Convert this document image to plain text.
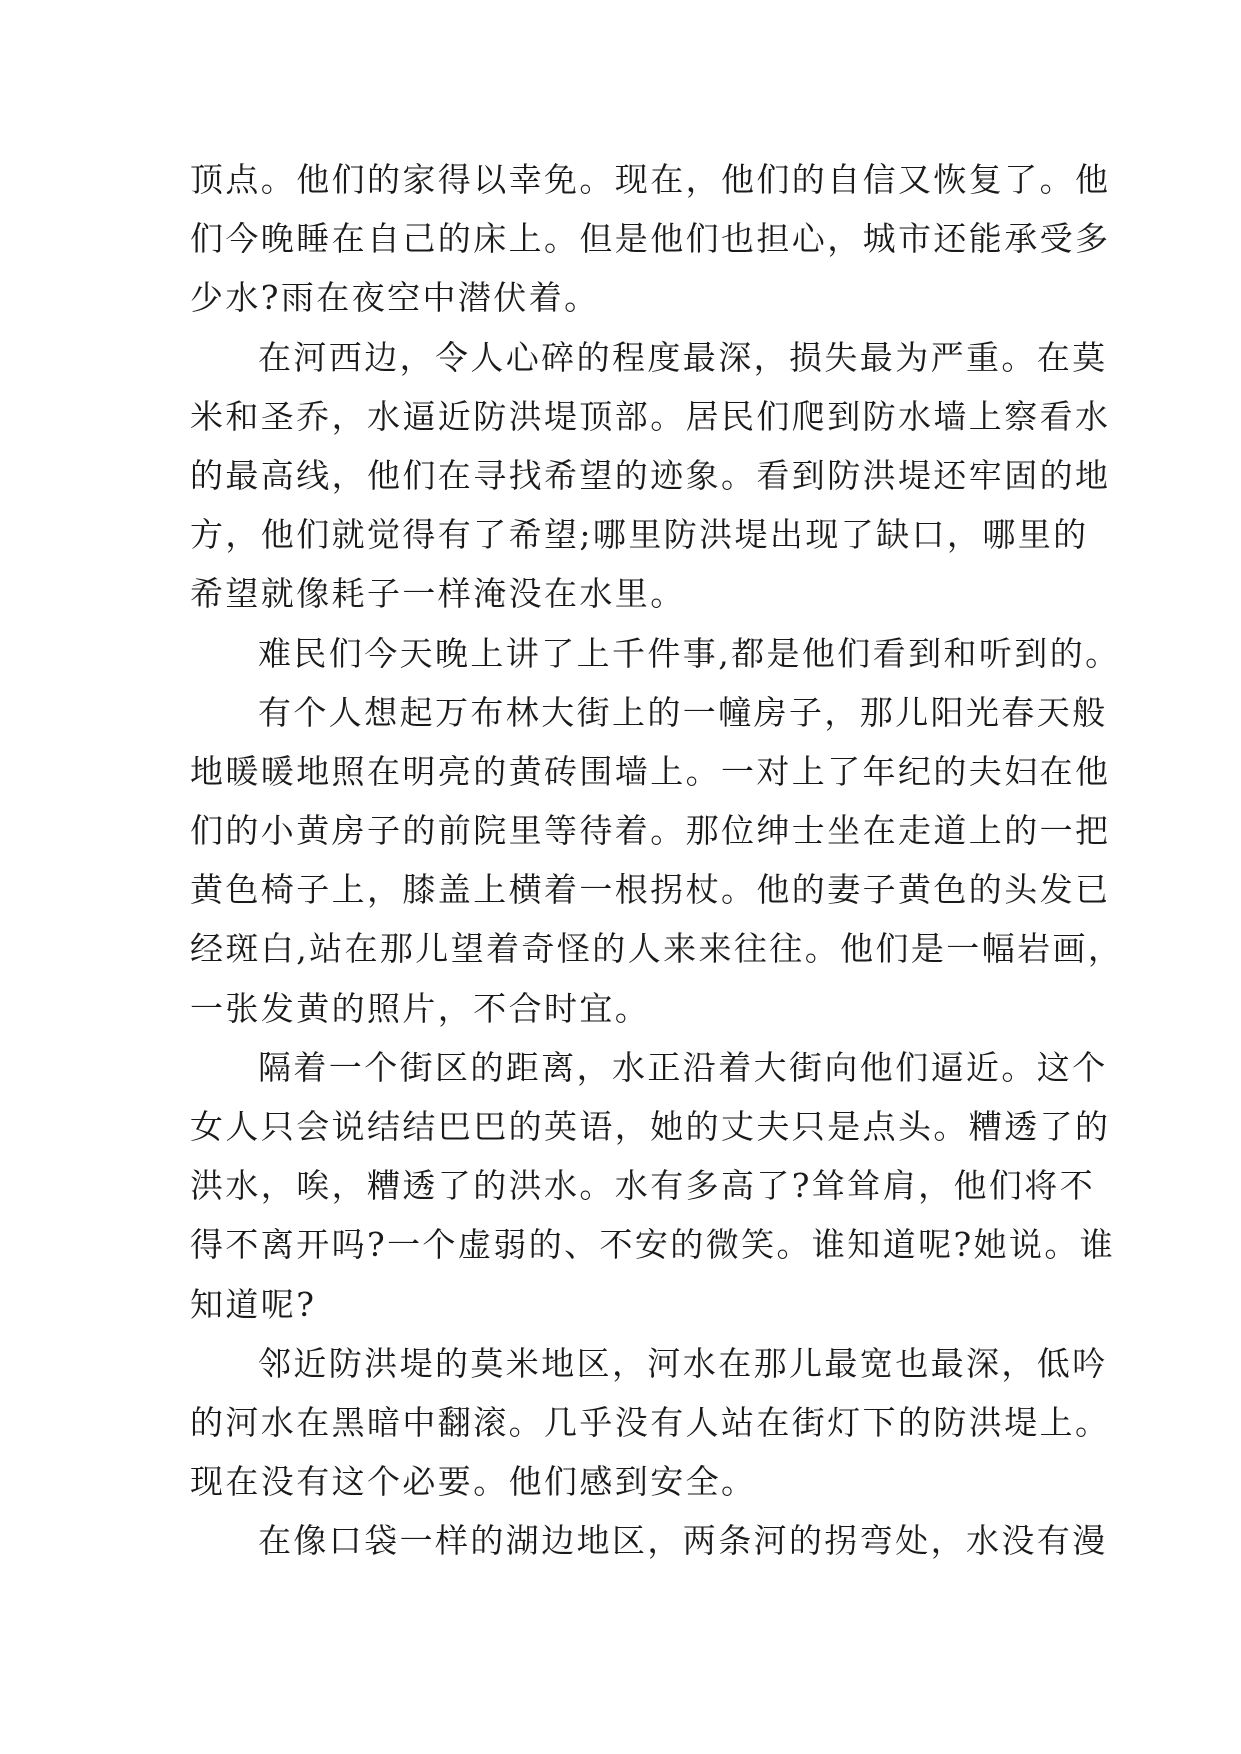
顶点。他们的家得以幸免。现在，他们的自信又恢复了。他
们今晚睡在自己的床上。但是他们也担心，城市还能承受多
少水?雨在夜空中潜伏着。
在河西边，令人心碎的程度最深，损失最为严重。在莫
米和圣乔，水逼近防洪堤顶部。居民们爬到防水墙上察看水
的最高线，他们在寻找希望的迹象。看到防洪堤还牢固的地
方，他们就觉得有了希望;哪里防洪堤出现了缺口，哪里的
希望就像耗子一样淹没在水里。
难民们今天晚上讲了上千件事,都是他们看到和听到的。
有个人想起万布林大街上的一幢房子，那儿阳光春天般
地暖暖地照在明亮的黄砖围墙上。一对上了年纪的夫妇在他
们的小黄房子的前院里等待着。那位绅士坐在走道上的一把
黄色椅子上，膝盖上横着一根拐杖。他的妻子黄色的头发已
经斑白,站在那儿望着奇怪的人来来往往。他们是一幅岩画，
一张发黄的照片，不合时宜。
隔着一个街区的距离，水正沿着大街向他们逼近。这个
女人只会说结结巴巴的英语，她的丈夫只是点头。糟透了的
洪水，唉，糟透了的洪水。水有多高了?耸耸肩，他们将不
得不离开吗?一个虚弱的、不安的微笑。谁知道呢?她说。谁
知道呢?
邻近防洪堤的莫米地区，河水在那儿最宽也最深，低吟
的河水在黑暗中翻滚。几乎没有人站在街灯下的防洪堤上。
现在没有这个必要。他们感到安全。
在像口袋一样的湖边地区，两条河的拐弯处，水没有漫
